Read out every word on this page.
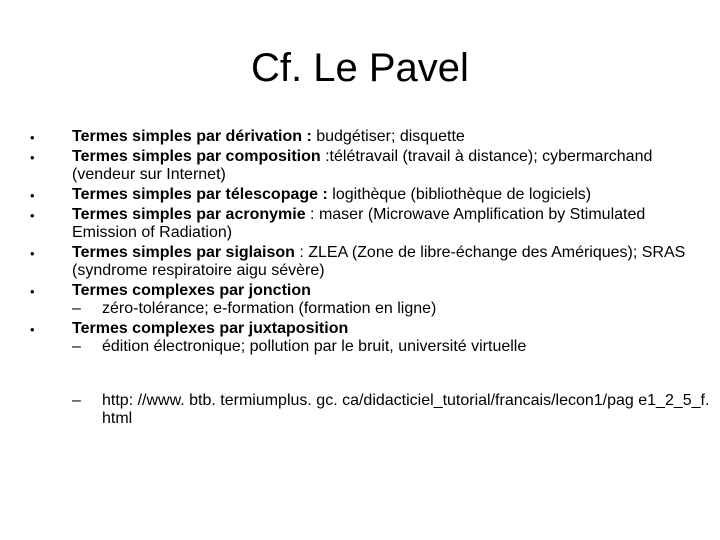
Cf. Le Pavel
• Termes simples par dérivation : budgétiser; disquette
• Termes simples par composition :télétravail (travail à distance); cybermarchand (vendeur sur Internet)
• Termes simples par télescopage : logithèque (bibliothèque de logiciels)
• Termes simples par acronymie : maser (Microwave Amplification by Stimulated Emission of Radiation)
• Termes simples par siglaison : ZLEA (Zone de libre-échange des Amériques); SRAS (syndrome respiratoire aigu sévère)
• Termes complexes par jonction
– zéro-tolérance; e-formation (formation en ligne)
• Termes complexes par juxtaposition
– édition électronique; pollution par le bruit, université virtuelle
– http: //www. btb. termiumplus. gc. ca/didacticiel_tutorial/francais/lecon1/pag e1_2_5_f. html
